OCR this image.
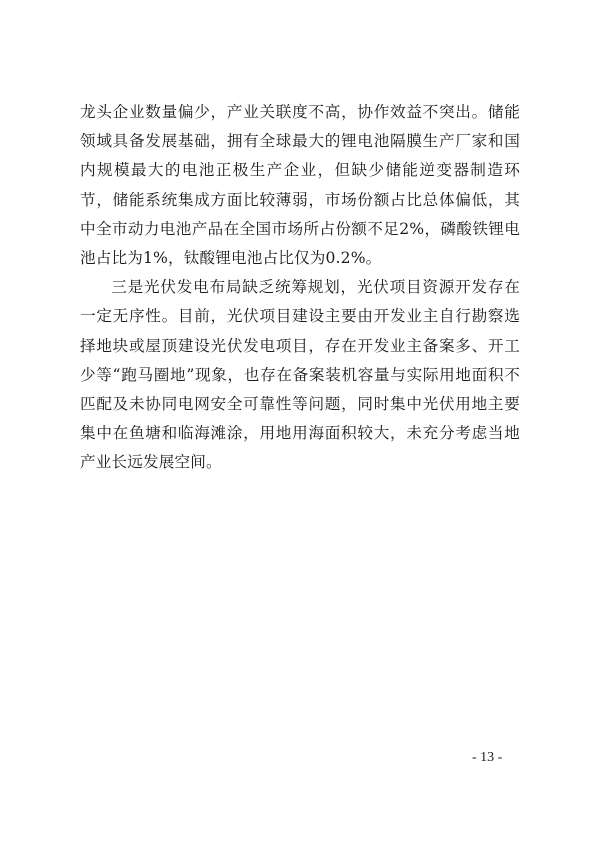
龙头企业数量偏少，产业关联度不高，协作效益不突出。储能领域具备发展基础，拥有全球最大的锂电池隔膜生产厂家和国内规模最大的电池正极生产企业，但缺少储能逆变器制造环节，储能系统集成方面比较薄弱，市场份额占比总体偏低，其中全市动力电池产品在全国市场所占份额不足2%，磷酸铁锂电池占比为1%，钛酸锂电池占比仅为0.2%。

三是光伏发电布局缺乏统筹规划，光伏项目资源开发存在一定无序性。目前，光伏项目建设主要由开发业主自行勘察选择地块或屋顶建设光伏发电项目，存在开发业主备案多、开工少等“跑马圈地”现象，也存在备案装机容量与实际用地面积不匹配及未协同电网安全可靠性等问题，同时集中光伏用地主要集中在鱼塘和临海滩涂，用地用海面积较大，未充分考虑当地产业长远发展空间。

- 13 -
